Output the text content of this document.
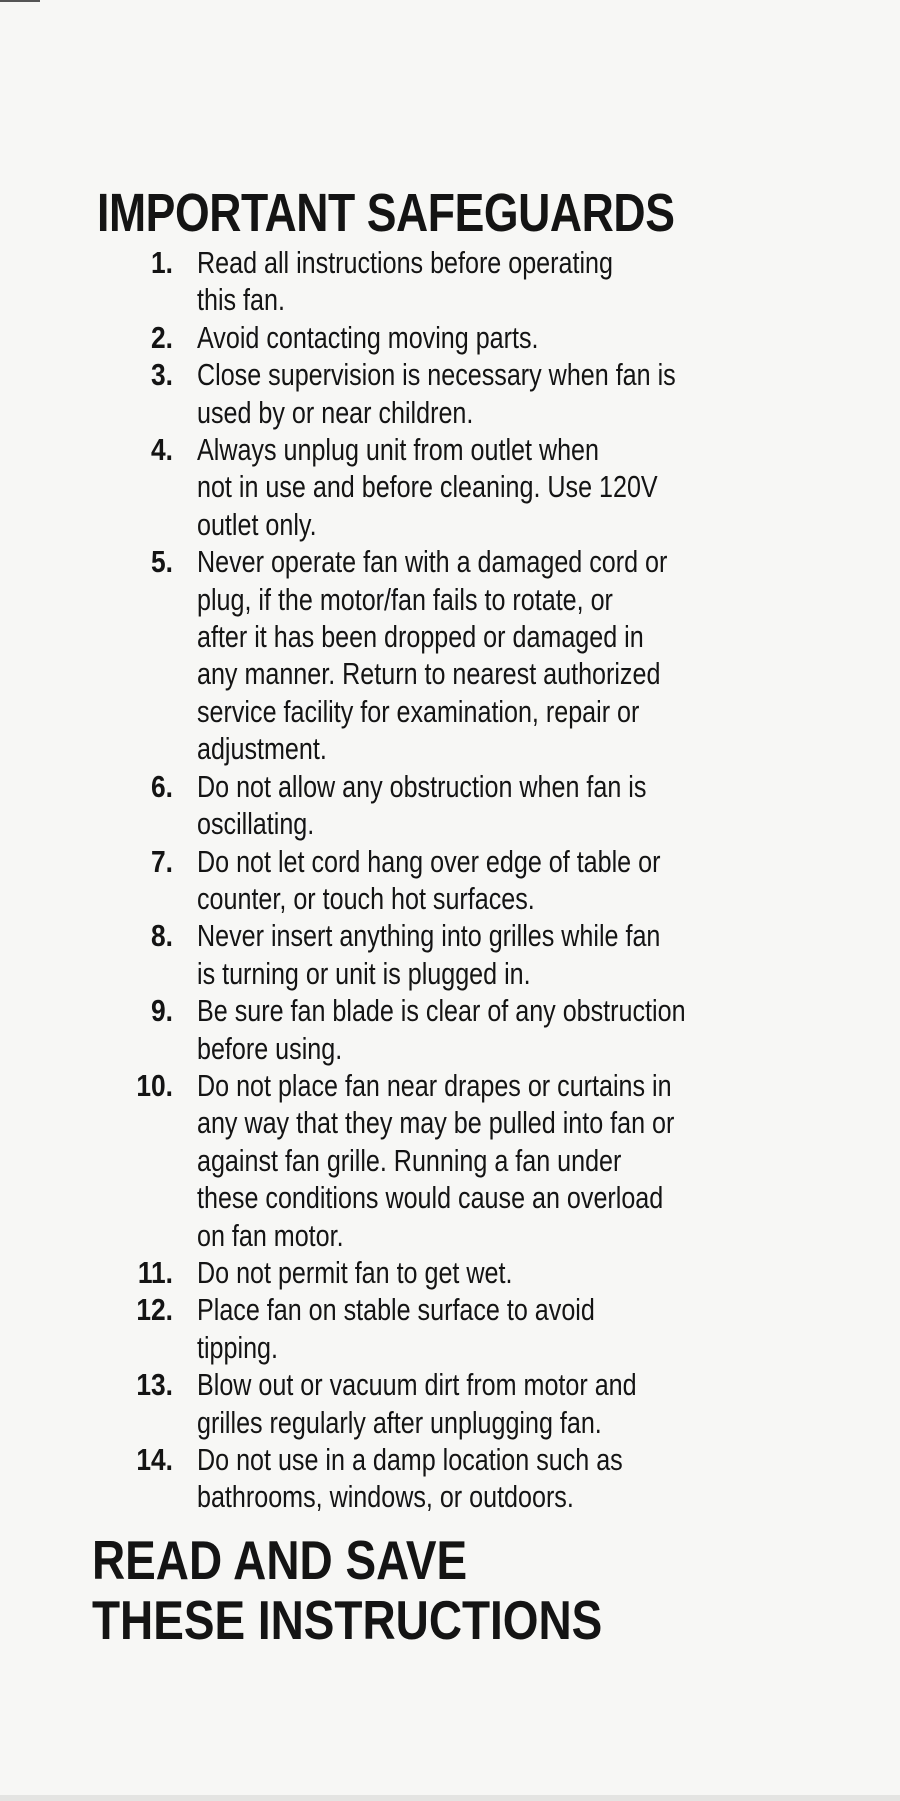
IMPORTANT SAFEGUARDS
1. Read all instructions before operating
this fan.
2. Avoid contacting moving parts.
3. Close supervision is necessary when fan is
used by or near children.
4. Always unplug unit from outlet when
not in use and before cleaning. Use 120V
outlet only.
5. Never operate fan with a damaged cord or
plug, if the motor/fan fails to rotate, or
after it has been dropped or damaged in
any manner. Return to nearest authorized
service facility for examination, repair or
adjustment.
6. Do not allow any obstruction when fan is
oscillating.
7. Do not let cord hang over edge of table or
counter, or touch hot surfaces.
8. Never insert anything into grilles while fan
is turning or unit is plugged in.
9. Be sure fan blade is clear of any obstruction
before using.
10. Do not place fan near drapes or curtains in
any way that they may be pulled into fan or
against fan grille. Running a fan under
these conditions would cause an overload
on fan motor.
11. Do not permit fan to get wet.
12. Place fan on stable surface to avoid
tipping.
13. Blow out or vacuum dirt from motor and
grilles regularly after unplugging fan.
14. Do not use in a damp location such as
bathrooms, windows, or outdoors.
READ AND SAVE
THESE INSTRUCTIONS
